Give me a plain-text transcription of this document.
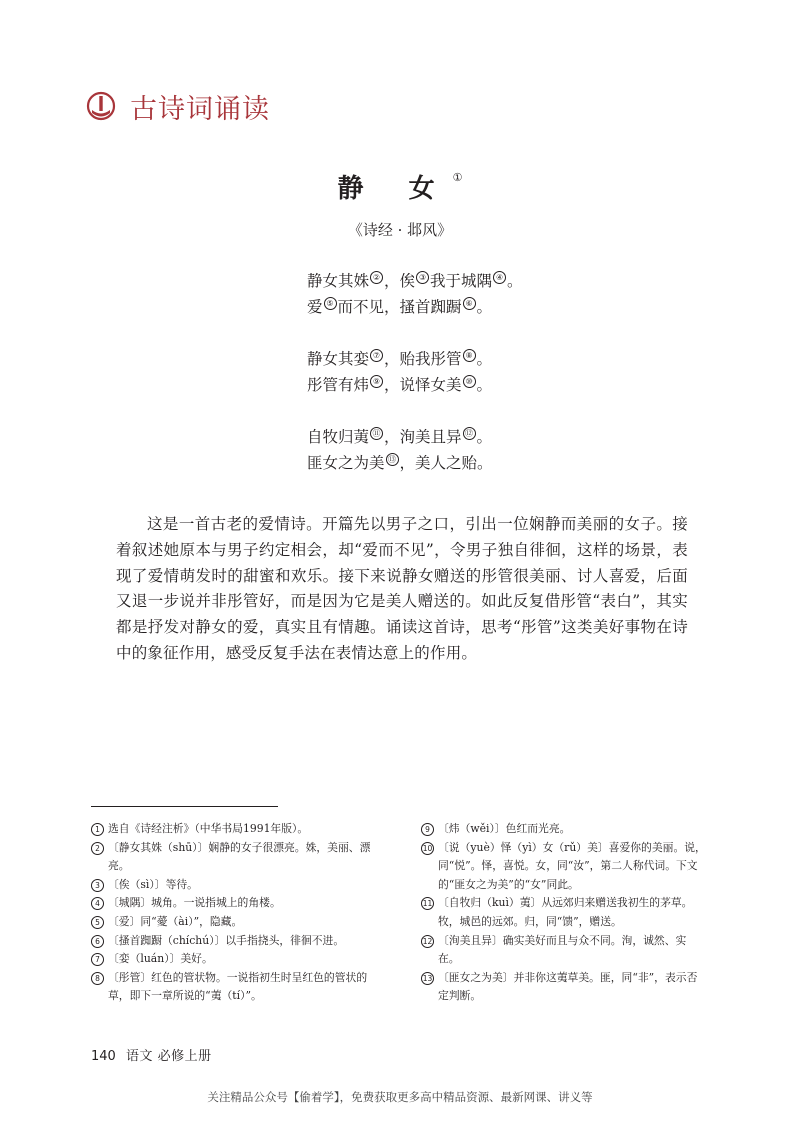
古诗词诵读
静 女①
《诗经 · 邶风》
静女其姝 ② ，俟 ③ 我于城隅 ④ 。
爱 ⑤ 而不见，搔首踟蹰 ⑥ 。
静女其娈 ⑦ ，贻我彤管 ⑧ 。
彤管有炜 ⑨ ，说怿女美 ⑩ 。
自牧归荑 ⑪ ，洵美且异 ⑫ 。
匪女之为美 ⑬ ，美人之贻。

这是一首古老的爱情诗。开篇先以男子之口，引出一位娴静而美丽的女子。接着叙述她原本与男子约定相会，却“爱而不见”，令男子独自徘徊，这样的场景，表现了爱情萌发时的甜蜜和欢乐。接下来说静女赠送的彤管很美丽、讨人喜爱，后面又退一步说并非彤管好，而是因为它是美人赠送的。如此反复借彤管“表白”，其实都是抒发对静女的爱，真实且有情趣。诵读这首诗，思考“彤管”这类美好事物在诗中的象征作用，感受反复手法在表情达意上的作用。

1 选自《诗经注析》（中华书局1991年版）。
2 〔静女其姝（shū）〕娴静的女子很漂亮。姝，美丽、漂亮。
3 〔俟（sì）〕等待。
4 〔城隅〕城角。一说指城上的角楼。
5 〔爱〕同“薆（ài）”，隐藏。
6 〔搔首踟蹰（chíchú）〕以手指挠头，徘徊不进。
7 〔娈（luán）〕美好。
8 〔彤管〕红色的管状物。一说指初生时呈红色的管状的草，即下一章所说的“荑（tí）”。
9 〔炜（wěi）〕色红而光亮。
10 〔说（yuè）怿（yì）女（rǔ）美〕喜爱你的美丽。说，同“悦”。怿，喜悦。女，同“汝”，第二人称代词。下文的“匪女之为美”的“女”同此。
11 〔自牧归（kuì）荑〕从远郊归来赠送我初生的茅草。牧，城邑的远郊。归，同“馈”，赠送。
12 〔洵美且异〕确实美好而且与众不同。洵，诚然、实在。
13 〔匪女之为美〕并非你这荑草美。匪，同“非”，表示否定判断。
140 语文 必修上册
关注精品公众号【偷着学】，免费获取更多高中精品资源、最新网课、讲义等
